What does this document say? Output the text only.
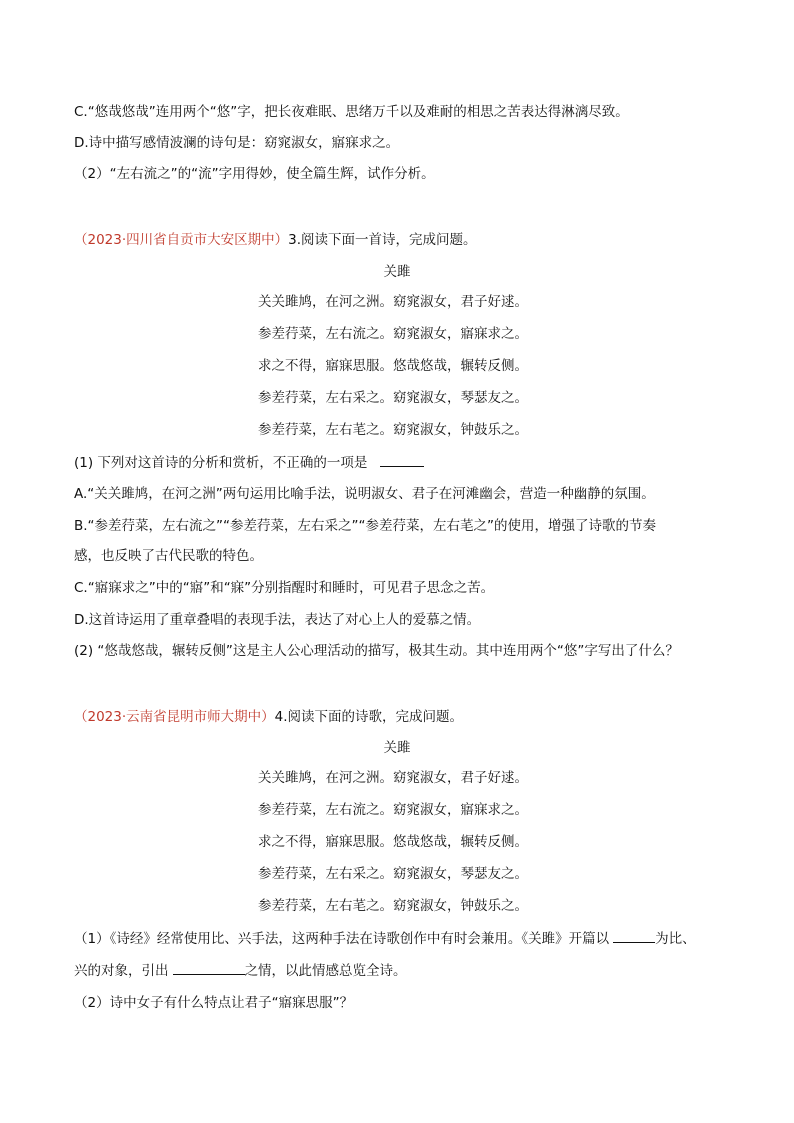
C.“悠哉悠哉”连用两个“悠”字，把长夜难眠、思绪万千以及难耐的相思之苦表达得淋漓尽致。
D.诗中描写感情波澜的诗句是：窈窕淑女，寤寐求之。
（2）“左右流之”的“流”字用得妙，使全篇生辉，试作分析。
（2023·四川省自贡市大安区期中）3.阅读下面一首诗，完成问题。
关雎
关关雎鸠，在河之洲。窈窕淑女，君子好逑。
参差荇菜，左右流之。窈窕淑女，寤寐求之。
求之不得，寤寐思服。悠哉悠哉，辗转反侧。
参差荇菜，左右采之。窈窕淑女，琴瑟友之。
参差荇菜，左右芼之。窈窕淑女，钟鼓乐之。
(1) 下列对这首诗的分析和赏析，不正确的一项是
A.“关关雎鸠，在河之洲”两句运用比喻手法，说明淑女、君子在河滩幽会，营造一种幽静的氛围。
B.“参差荇菜，左右流之”“参差荇菜，左右采之”“参差荇菜，左右芼之”的使用，增强了诗歌的节奏
感，也反映了古代民歌的特色。
C.“寤寐求之”中的“寤”和“寐”分别指醒时和睡时，可见君子思念之苦。
D.这首诗运用了重章叠唱的表现手法，表达了对心上人的爱慕之情。
(2) “悠哉悠哉，辗转反侧”这是主人公心理活动的描写，极其生动。其中连用两个“悠”字写出了什么？
（2023·云南省昆明市师大期中）4.阅读下面的诗歌，完成问题。
关雎
关关雎鸠，在河之洲。窈窕淑女，君子好逑。
参差荇菜，左右流之。窈窕淑女，寤寐求之。
求之不得，寤寐思服。悠哉悠哉，辗转反侧。
参差荇菜，左右采之。窈窕淑女，琴瑟友之。
参差荇菜，左右芼之。窈窕淑女，钟鼓乐之。
（1）《诗经》经常使用比、兴手法，这两种手法在诗歌创作中有时会兼用。《关雎》开篇以	为比、
兴的对象，引出	之情，以此情感总览全诗。
（2）诗中女子有什么特点让君子“寤寐思服”？
